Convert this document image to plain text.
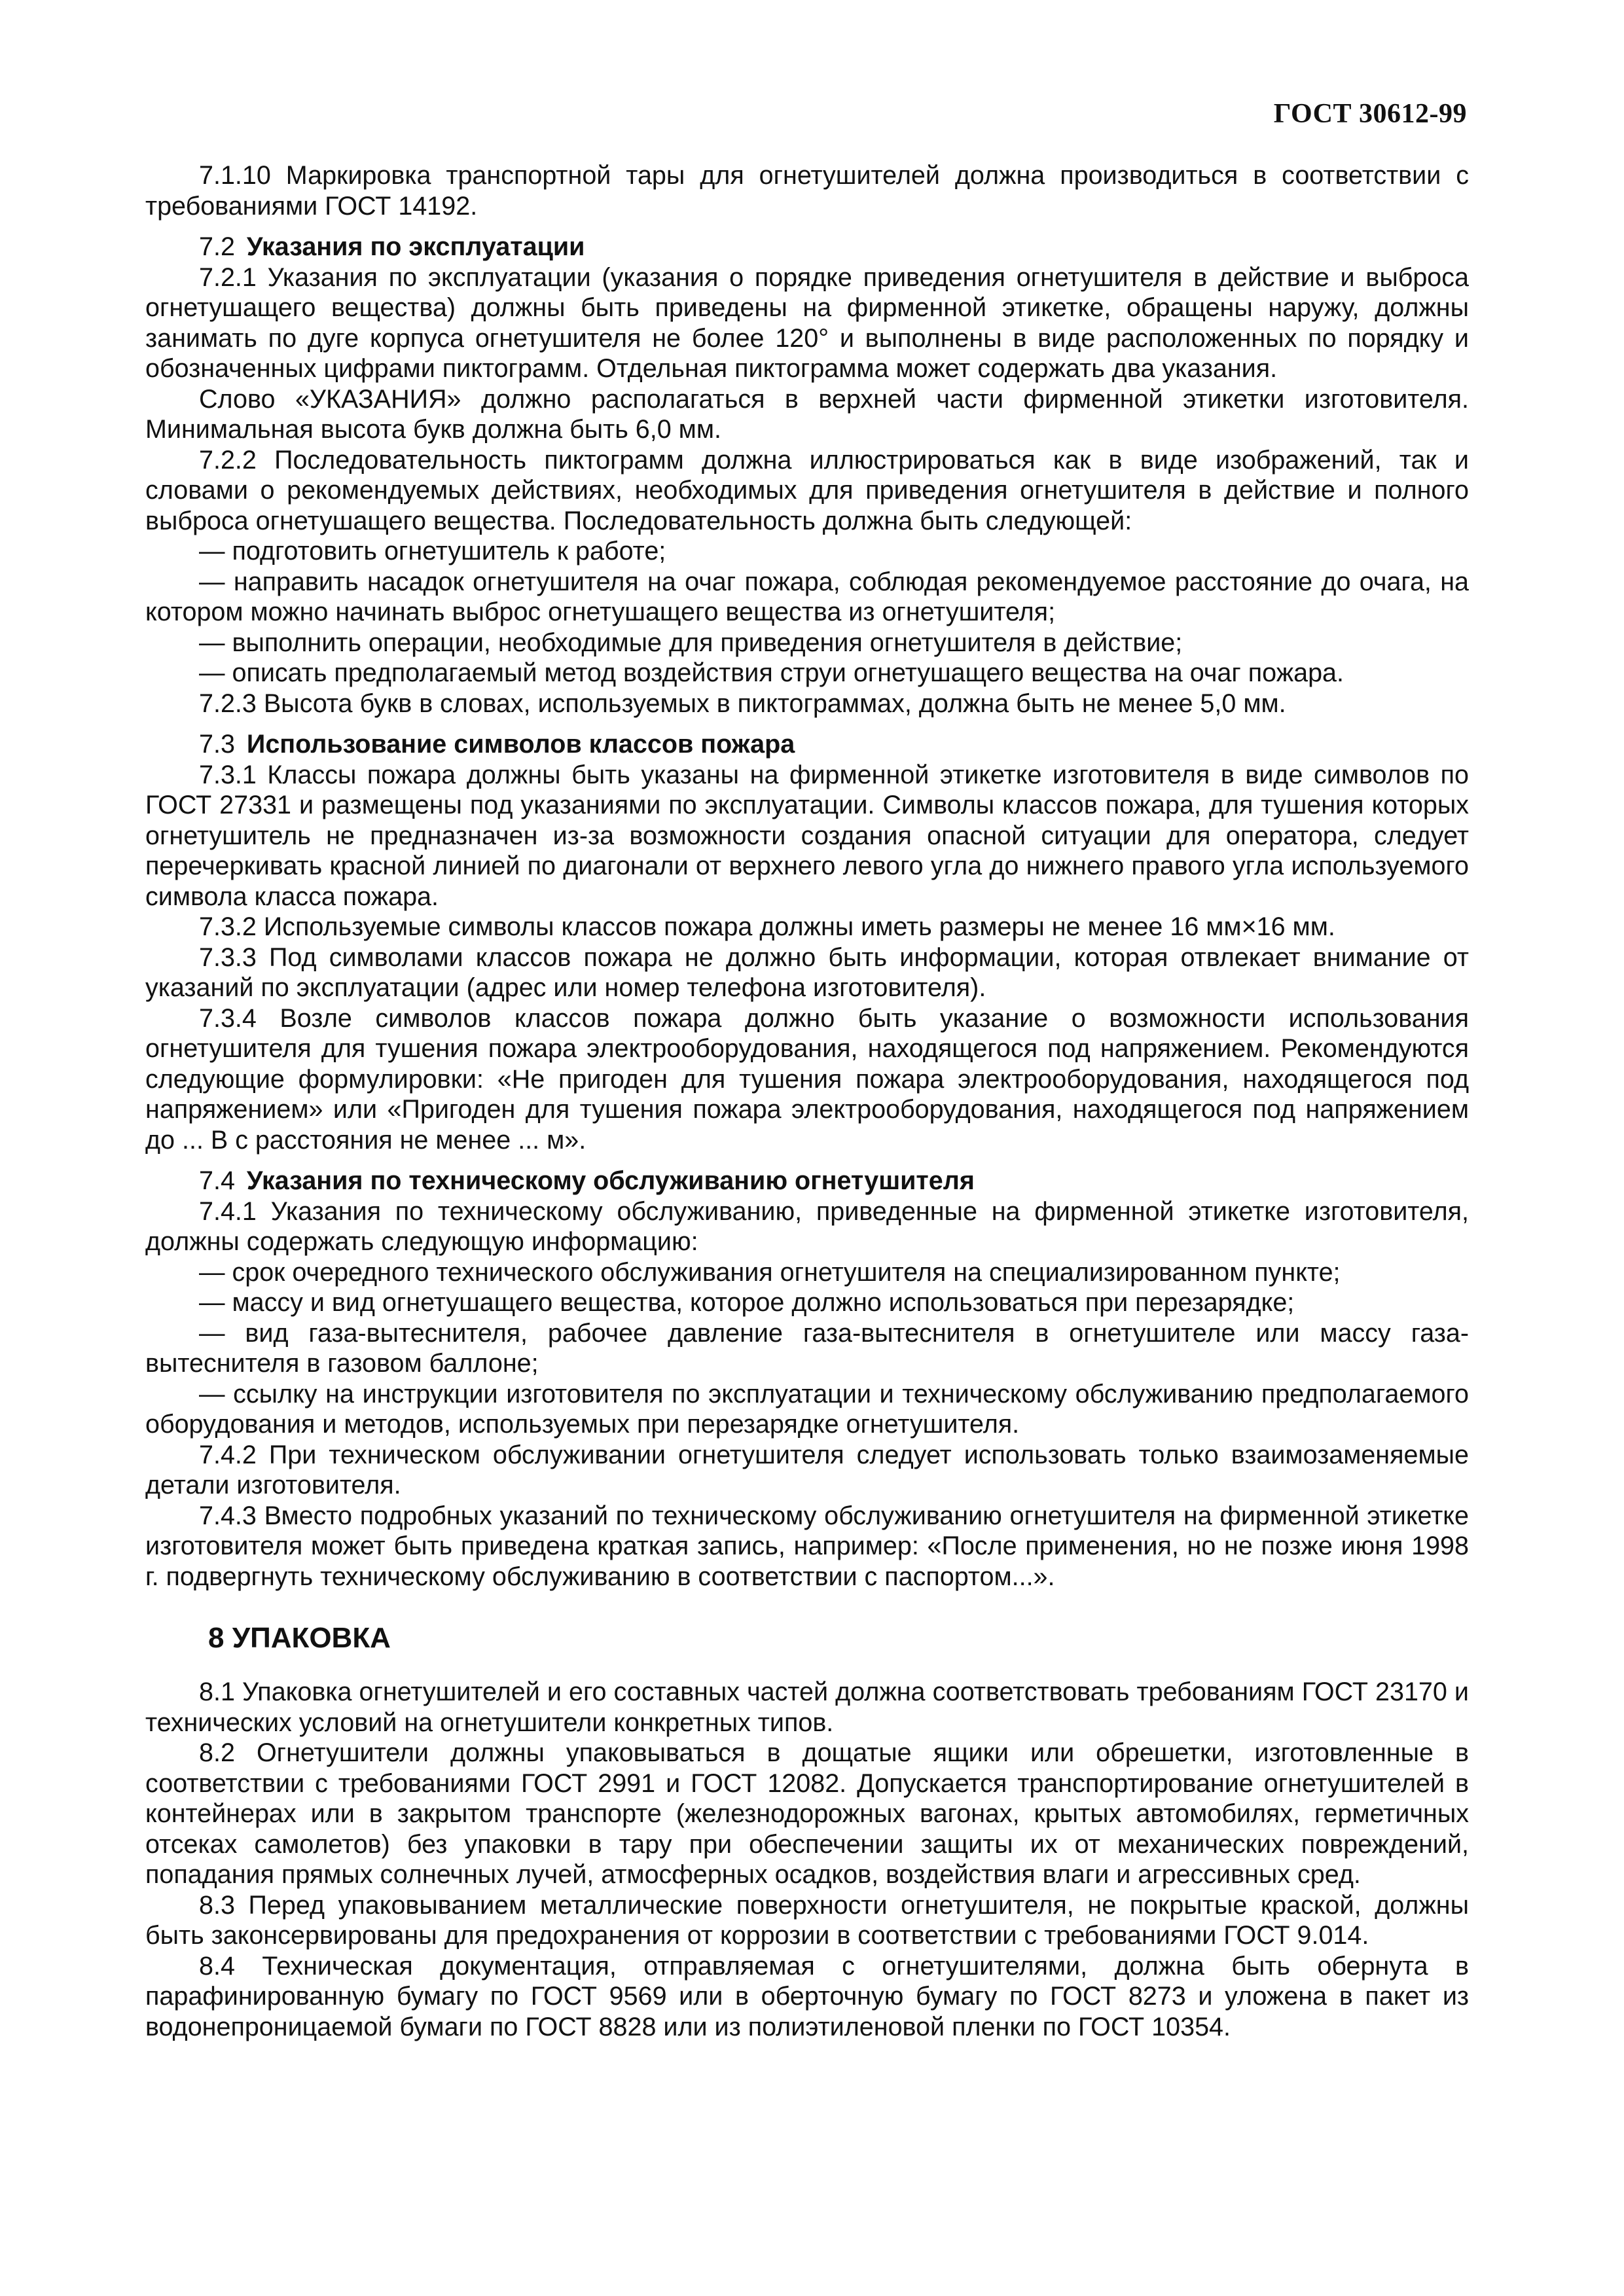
ГОСТ 30612-99

7.1.10 Маркировка транспортной тары для огнетушителей должна производиться в соответствии с требованиями ГОСТ 14192.

7.2 Указания по эксплуатации

7.2.1 Указания по эксплуатации (указания о порядке приведения огнетушителя в действие и выброса огнетушащего вещества) должны быть приведены на фирменной этикетке, обращены наружу, должны занимать по дуге корпуса огнетушителя не более 120° и выполнены в виде расположенных по порядку и обозначенных цифрами пиктограмм. Отдельная пиктограмма может содержать два указания.

Слово «УКАЗАНИЯ» должно располагаться в верхней части фирменной этикетки изготовителя. Минимальная высота букв должна быть 6,0 мм.

7.2.2 Последовательность пиктограмм должна иллюстрироваться как в виде изображений, так и словами о рекомендуемых действиях, необходимых для приведения огнетушителя в действие и полного выброса огнетушащего вещества. Последовательность должна быть следующей:

— подготовить огнетушитель к работе;

— направить насадок огнетушителя на очаг пожара, соблюдая рекомендуемое расстояние до очага, на котором можно начинать выброс огнетушащего вещества из огнетушителя;

— выполнить операции, необходимые для приведения огнетушителя в действие;

— описать предполагаемый метод воздействия струи огнетушащего вещества на очаг пожара.

7.2.3 Высота букв в словах, используемых в пиктограммах, должна быть не менее 5,0 мм.

7.3 Использование символов классов пожара

7.3.1 Классы пожара должны быть указаны на фирменной этикетке изготовителя в виде символов по ГОСТ 27331 и размещены под указаниями по эксплуатации. Символы классов пожара, для тушения которых огнетушитель не предназначен из-за возможности создания опасной ситуации для оператора, следует перечеркивать красной линией по диагонали от верхнего левого угла до нижнего правого угла используемого символа класса пожара.

7.3.2 Используемые символы классов пожара должны иметь размеры не менее 16 мм×16 мм.

7.3.3 Под символами классов пожара не должно быть информации, которая отвлекает внимание от указаний по эксплуатации (адрес или номер телефона изготовителя).

7.3.4 Возле символов классов пожара должно быть указание о возможности использования огнетушителя для тушения пожара электрооборудования, находящегося под напряжением. Рекомендуются следующие формулировки: «Не пригоден для тушения пожара электрооборудования, находящегося под напряжением» или «Пригоден для тушения пожара электрооборудования, находящегося под напряжением до ... В с расстояния не менее ... м».

7.4 Указания по техническому обслуживанию огнетушителя

7.4.1 Указания по техническому обслуживанию, приведенные на фирменной этикетке изготовителя, должны содержать следующую информацию:

— срок очередного технического обслуживания огнетушителя на специализированном пункте;

— массу и вид огнетушащего вещества, которое должно использоваться при перезарядке;

— вид газа-вытеснителя, рабочее давление газа-вытеснителя в огнетушителе или массу газа-вытеснителя в газовом баллоне;

— ссылку на инструкции изготовителя по эксплуатации и техническому обслуживанию предполагаемого оборудования и методов, используемых при перезарядке огнетушителя.

7.4.2 При техническом обслуживании огнетушителя следует использовать только взаимозаменяемые детали изготовителя.

7.4.3 Вместо подробных указаний по техническому обслуживанию огнетушителя на фирменной этикетке изготовителя может быть приведена краткая запись, например: «После применения, но не позже июня 1998 г. подвергнуть техническому обслуживанию в соответствии с паспортом...».

8 УПАКОВКА

8.1 Упаковка огнетушителей и его составных частей должна соответствовать требованиям ГОСТ 23170 и технических условий на огнетушители конкретных типов.

8.2 Огнетушители должны упаковываться в дощатые ящики или обрешетки, изготовленные в соответствии с требованиями ГОСТ 2991 и ГОСТ 12082. Допускается транспортирование огнетушителей в контейнерах или в закрытом транспорте (железнодорожных вагонах, крытых автомобилях, герметичных отсеках самолетов) без упаковки в тару при обеспечении защиты их от механических повреждений, попадания прямых солнечных лучей, атмосферных осадков, воздействия влаги и агрессивных сред.

8.3 Перед упаковыванием металлические поверхности огнетушителя, не покрытые краской, должны быть законсервированы для предохранения от коррозии в соответствии с требованиями ГОСТ 9.014.

8.4 Техническая документация, отправляемая с огнетушителями, должна быть обернута в парафинированную бумагу по ГОСТ 9569 или в оберточную бумагу по ГОСТ 8273 и уложена в пакет из водонепроницаемой бумаги по ГОСТ 8828 или из полиэтиленовой пленки по ГОСТ 10354.
